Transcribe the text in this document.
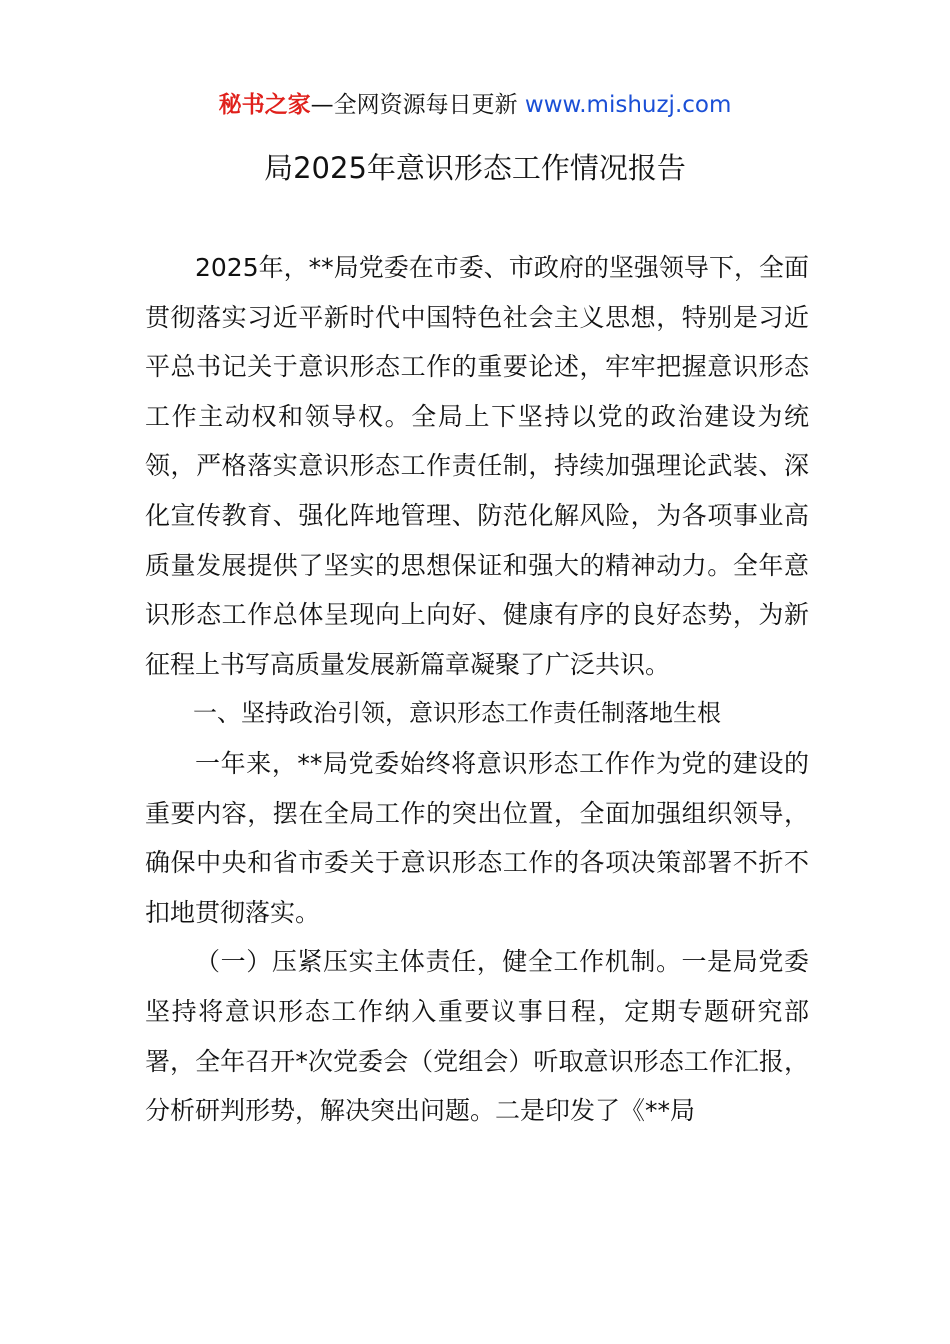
秘书之家—全网资源每日更新 www.mishuzj.com
局2025年意识形态工作情况报告

2025年，**局党委在市委、市政府的坚强领导下，全面贯彻落实习近平新时代中国特色社会主义思想，特别是习近平总书记关于意识形态工作的重要论述，牢牢把握意识形态工作主动权和领导权。全局上下坚持以党的政治建设为统领，严格落实意识形态工作责任制，持续加强理论武装、深化宣传教育、强化阵地管理、防范化解风险，为各项事业高质量发展提供了坚实的思想保证和强大的精神动力。全年意识形态工作总体呈现向上向好、健康有序的良好态势，为新征程上书写高质量发展新篇章凝聚了广泛共识。

一、坚持政治引领，意识形态工作责任制落地生根

一年来，**局党委始终将意识形态工作作为党的建设的重要内容，摆在全局工作的突出位置，全面加强组织领导，确保中央和省市委关于意识形态工作的各项决策部署不折不扣地贯彻落实。

（一）压紧压实主体责任，健全工作机制。一是局党委坚持将意识形态工作纳入重要议事日程，定期专题研究部署，全年召开*次党委会（党组会）听取意识形态工作汇报，分析研判形势，解决突出问题。二是印发了《**局
